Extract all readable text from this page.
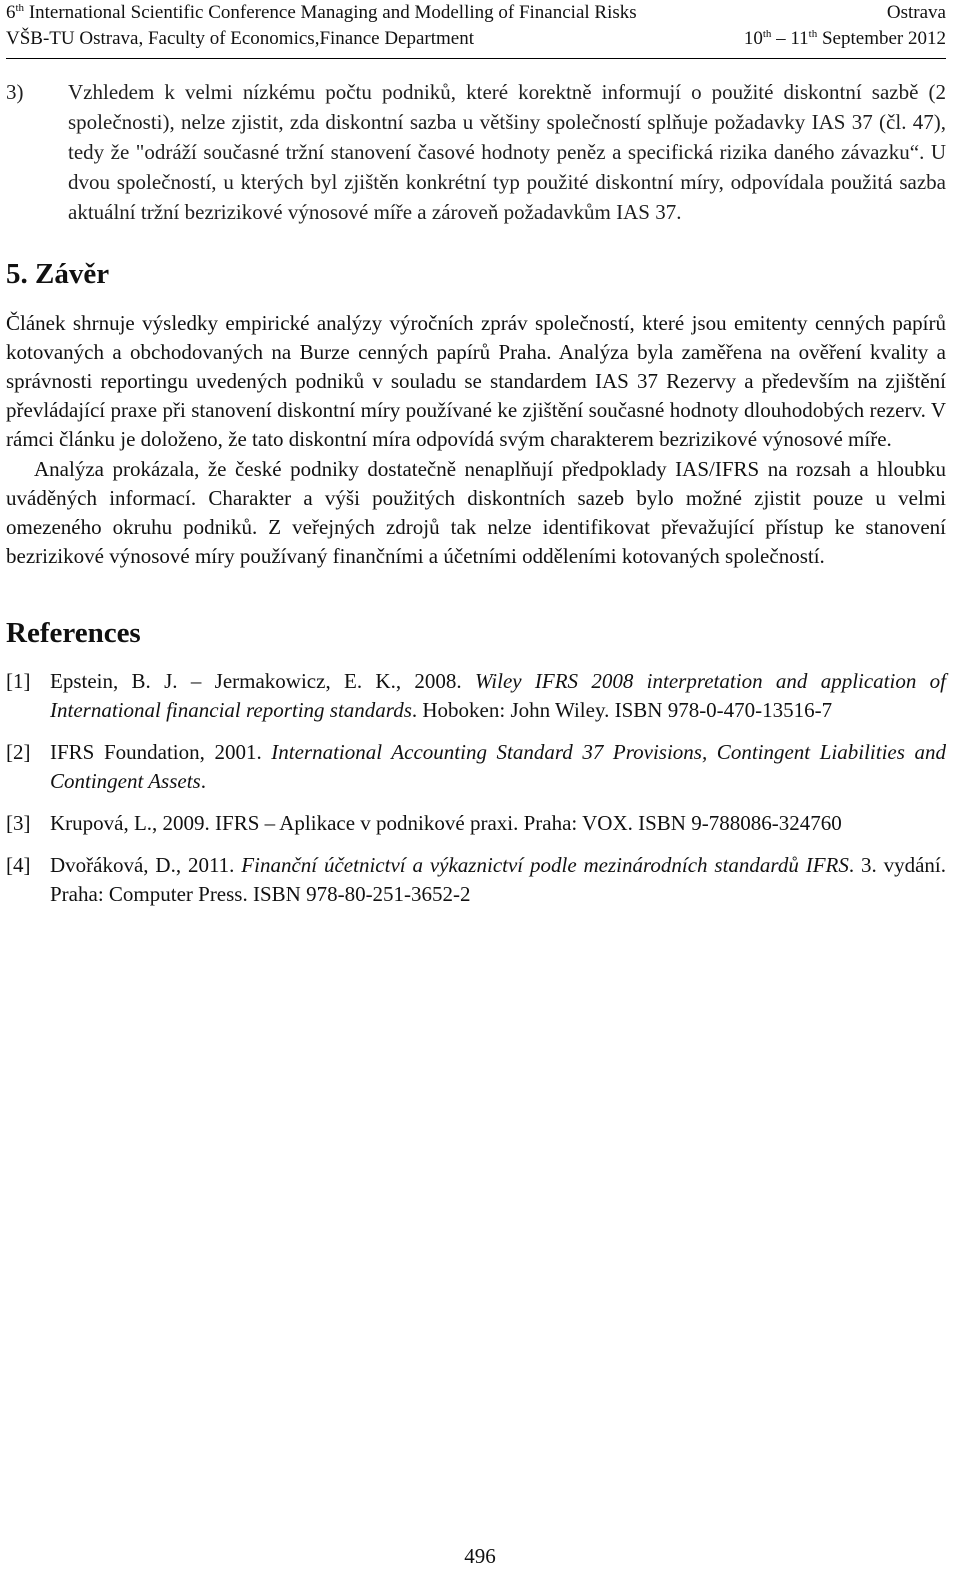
6th International Scientific Conference Managing and Modelling of Financial Risks	Ostrava
VŠB-TU Ostrava, Faculty of Economics,Finance Department	10th – 11th September 2012
3)	Vzhledem k velmi nízkému počtu podniků, které korektně informují o použité diskontní sazbě (2 společnosti), nelze zjistit, zda diskontní sazba u většiny společností splňuje požadavky IAS 37 (čl. 47), tedy že "odráží současné tržní stanovení časové hodnoty peněz a specifická rizika daného závazku“. U dvou společností, u kterých byl zjištěn konkrétní typ použité diskontní míry, odpovídala použitá sazba aktuální tržní bezrizikové výnosové míře a zároveň požadavkům IAS 37.

5. Závěr

Článek shrnuje výsledky empirické analýzy výročních zpráv společností, které jsou emitenty cenných papírů kotovaných a obchodovaných na Burze cenných papírů Praha. Analýza byla zaměřena na ověření kvality a správnosti reportingu uvedených podniků v souladu se standardem IAS 37 Rezervy a především na zjištění převládající praxe při stanovení diskontní míry používané ke zjištění současné hodnoty dlouhodobých rezerv. V rámci článku je doloženo, že tato diskontní míra odpovídá svým charakterem bezrizikové výnosové míře.

Analýza prokázala, že české podniky dostatečně nenaplňují předpoklady IAS/IFRS na rozsah a hloubku uváděných informací. Charakter a výši použitých diskontních sazeb bylo možné zjistit pouze u velmi omezeného okruhu podniků. Z veřejných zdrojů tak nelze identifikovat převažující přístup ke stanovení bezrizikové výnosové míry používaný finančními a účetními odděleními kotovaných společností.

References
[1] Epstein, B. J. – Jermakowicz, E. K., 2008. Wiley IFRS 2008 interpretation and application of International financial reporting standards. Hoboken: John Wiley. ISBN 978-0-470-13516-7
[2] IFRS Foundation, 2001. International Accounting Standard 37 Provisions, Contingent Liabilities and Contingent Assets.
[3] Krupová, L., 2009. IFRS – Aplikace v podnikové praxi. Praha: VOX. ISBN 9-788086-324760
[4] Dvořáková, D., 2011. Finanční účetnictví a výkaznictví podle mezinárodních standardů IFRS. 3. vydání. Praha: Computer Press. ISBN 978-80-251-3652-2
496
